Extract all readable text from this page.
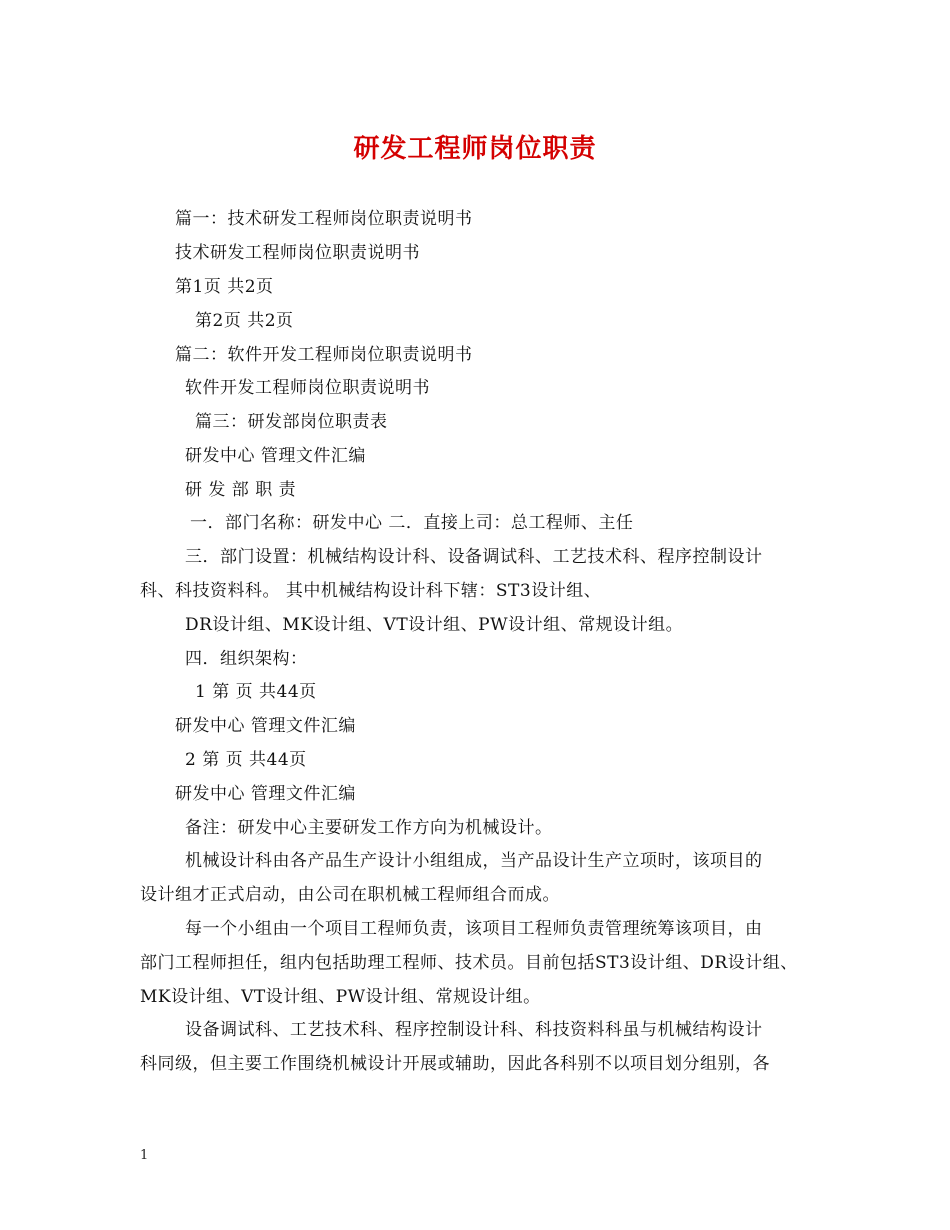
研发工程师岗位职责
篇一：技术研发工程师岗位职责说明书
技术研发工程师岗位职责说明书
第1页 共2页
第2页 共2页
篇二：软件开发工程师岗位职责说明书
软件开发工程师岗位职责说明书
篇三：研发部岗位职责表
研发中心 管理文件汇编
研 发 部 职 责
一．部门名称：研发中心 二．直接上司：总工程师、主任
三．部门设置：机械结构设计科、设备调试科、工艺技术科、程序控制设计
科、科技资料科。 其中机械结构设计科下辖：ST3设计组、
DR设计组、MK设计组、VT设计组、PW设计组、常规设计组。
四．组织架构：
1 第 页 共44页
研发中心 管理文件汇编
2 第 页 共44页
研发中心 管理文件汇编
备注：研发中心主要研发工作方向为机械设计。
机械设计科由各产品生产设计小组组成，当产品设计生产立项时，该项目的
设计组才正式启动，由公司在职机械工程师组合而成。
每一个小组由一个项目工程师负责，该项目工程师负责管理统筹该项目，由
部门工程师担任，组内包括助理工程师、技术员。目前包括ST3设计组、DR设计组、
MK设计组、VT设计组、PW设计组、常规设计组。
设备调试科、工艺技术科、程序控制设计科、科技资料科虽与机械结构设计
科同级，但主要工作围绕机械设计开展或辅助，因此各科别不以项目划分组别，各
1
